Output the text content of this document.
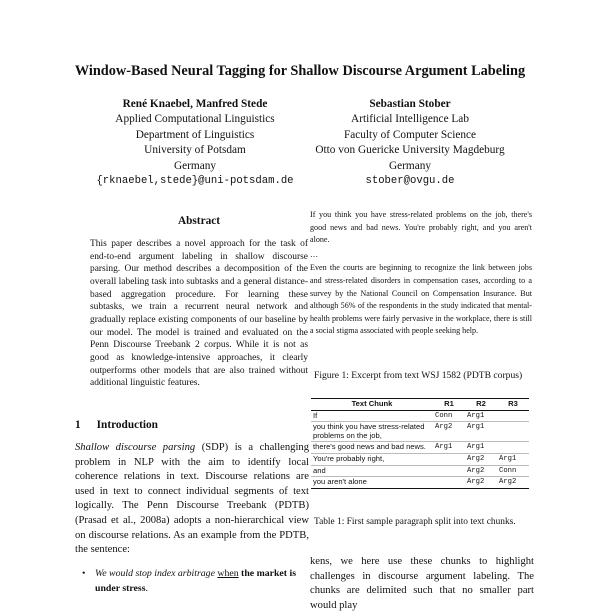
Window-Based Neural Tagging for Shallow Discourse Argument Labeling
René Knaebel, Manfred Stede
Applied Computational Linguistics
Department of Linguistics
University of Potsdam
Germany
{rknaebel,stede}@uni-potsdam.de
Sebastian Stober
Artificial Intelligence Lab
Faculty of Computer Science
Otto von Guericke University Magdeburg
Germany
stober@ovgu.de
Abstract
This paper describes a novel approach for the task of end-to-end argument labeling in shallow discourse parsing. Our method describes a decomposition of the overall labeling task into subtasks and a general distance-based aggregation procedure. For learning these subtasks, we train a recurrent neural network and gradually replace existing components of our baseline by our model. The model is trained and evaluated on the Penn Discourse Treebank 2 corpus. While it is not as good as knowledge-intensive approaches, it clearly outperforms other models that are also trained without additional linguistic features.
1 Introduction
Shallow discourse parsing (SDP) is a challenging problem in NLP with the aim to identify local coherence relations in text. Discourse relations are used in text to connect individual segments of text logically. The Penn Discourse Treebank (PDTB) (Prasad et al., 2008a) adopts a non-hierarchical view on discourse relations. As an example from the PDTB, the sentence:
• We would stop index arbitrage when the market is under stress.

If you think you have stress-related problems on the job, there's good news and bad news. You're probably right, and you aren't alone.

…

Even the courts are beginning to recognize the link between jobs and stress-related disorders in compensation cases, according to a survey by the National Council on Compensation Insurance. But although 56% of the respondents in the study indicated that mental-health problems were fairly pervasive in the workplace, there is still a social stigma associated with people seeking help.

Figure 1: Excerpt from text WSJ 1582 (PDTB corpus)
Text Chunk	R1	R2	R3
If	Conn	Arg1	
you think you have stress-related problems on the job,	Arg2	Arg1	
there's good news and bad news.	Arg1	Arg1	
You're probably right,		Arg2	Arg1
and		Arg2	Conn
you aren't alone		Arg2	Arg2
Table 1: First sample paragraph split into text chunks.
kens, we here use these chunks to highlight challenges in discourse argument labeling. The chunks are delimited such that no smaller part would play
